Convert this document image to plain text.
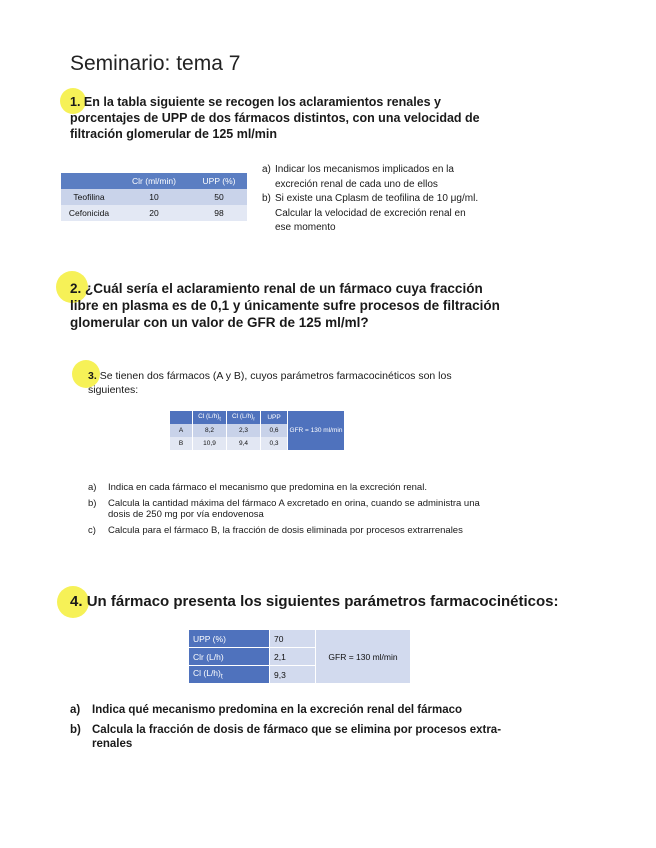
Seminario: tema 7
1. En la tabla siguiente se recogen los aclaramientos renales y porcentajes de UPP de dos fármacos distintos, con una velocidad de filtración glomerular de 125 ml/min
	Clr (ml/min)	UPP (%)
Teofilina	10	50
Cefonicida	20	98
a) Indicar los mecanismos implicados en la excreción renal de cada uno de ellos
b) Si existe una Cplasm de teofilina de 10 μg/ml. Calcular la velocidad de excreción renal en ese momento
2. ¿Cuál sería el aclaramiento renal de un fármaco cuya fracción libre en plasma es de 0,1 y únicamente sufre procesos de filtración glomerular con un valor de GFR de 125 ml/ml?
3. Se tienen dos fármacos (A y B), cuyos parámetros farmacocinéticos son los siguientes:
	Cl $(L/h)_t$	Cl $(L/h)_r$	UPP	GFR = 130 ml/min
A	8,2	2,3	0,6	
B	10,9	9,4	0,3	
a)	Indica en cada fármaco el mecanismo que predomina en la excreción renal.
b)	Calcula la cantidad máxima del fármaco A excretado en orina, cuando se administra una dosis de 250 mg por vía endovenosa
c)	Calcula para el fármaco B, la fracción de dosis eliminada por procesos extrarrenales
4. Un fármaco presenta los siguientes parámetros farmacocinéticos:
UPP (%)	70	GFR = 130 ml/min
Clr (L/h)	2,1	
Cl $(L/h)_t$	9,3	
a)	Indica qué mecanismo predomina en la excreción renal del fármaco
b) Calcula la fracción de dosis de fármaco que se elimina por procesos extra-renales
